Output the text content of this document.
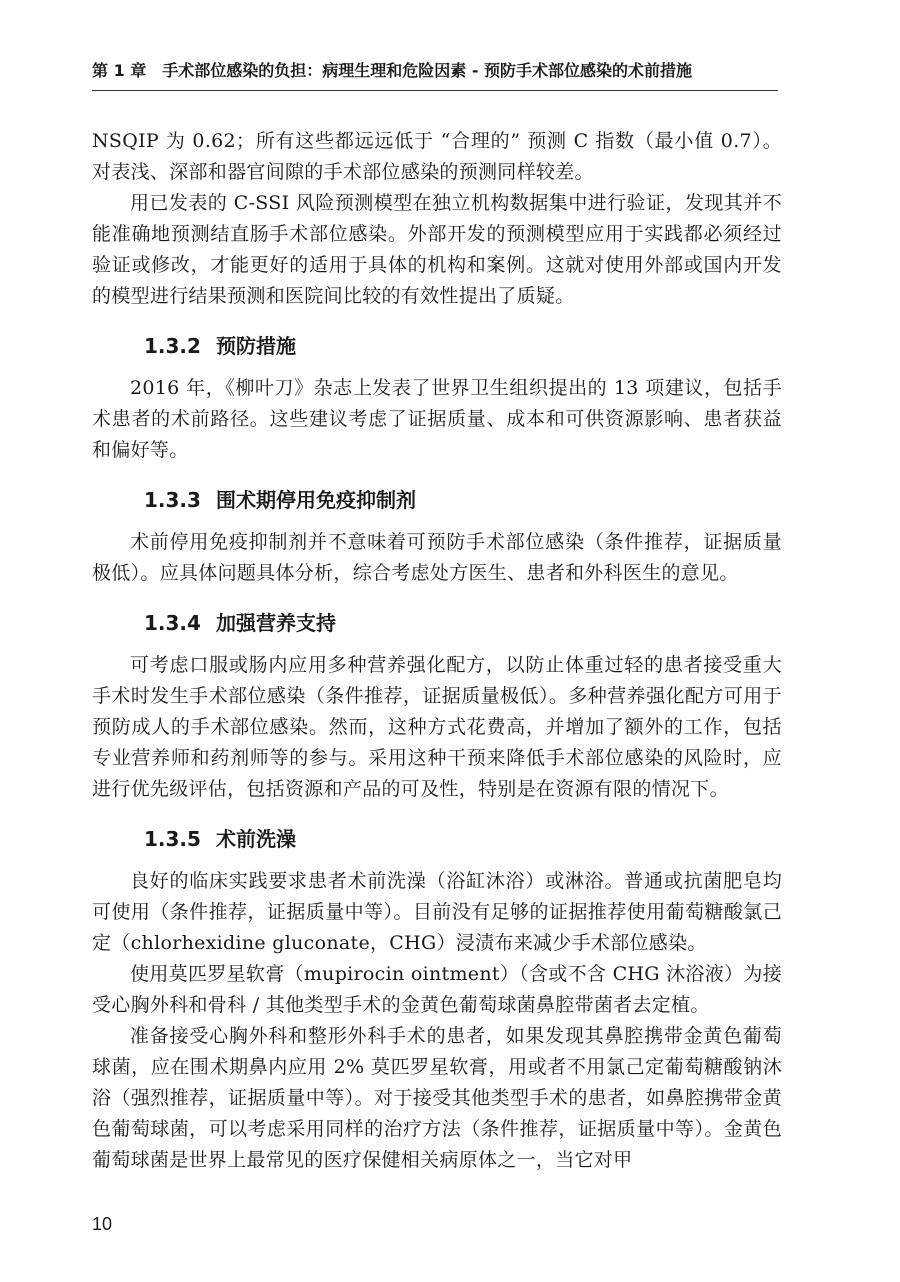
第 1 章　手术部位感染的负担：病理生理和危险因素 - 预防手术部位感染的术前措施

NSQIP 为 0.62；所有这些都远远低于 “合理的” 预测 C 指数（最小值 0.7）。对表浅、深部和器官间隙的手术部位感染的预测同样较差。

用已发表的 C-SSI 风险预测模型在独立机构数据集中进行验证，发现其并不能准确地预测结直肠手术部位感染。外部开发的预测模型应用于实践都必须经过验证或修改，才能更好的适用于具体的机构和案例。这就对使用外部或国内开发的模型进行结果预测和医院间比较的有效性提出了质疑。

1.3.2 预防措施

2016 年，《柳叶刀》杂志上发表了世界卫生组织提出的 13 项建议，包括手术患者的术前路径。这些建议考虑了证据质量、成本和可供资源影响、患者获益和偏好等。

1.3.3 围术期停用免疫抑制剂

术前停用免疫抑制剂并不意味着可预防手术部位感染（条件推荐，证据质量极低）。应具体问题具体分析，综合考虑处方医生、患者和外科医生的意见。

1.3.4 加强营养支持

可考虑口服或肠内应用多种营养强化配方，以防止体重过轻的患者接受重大手术时发生手术部位感染（条件推荐，证据质量极低）。多种营养强化配方可用于预防成人的手术部位感染。然而，这种方式花费高，并增加了额外的工作，包括专业营养师和药剂师等的参与。采用这种干预来降低手术部位感染的风险时，应进行优先级评估，包括资源和产品的可及性，特别是在资源有限的情况下。

1.3.5 术前洗澡

良好的临床实践要求患者术前洗澡（浴缸沐浴）或淋浴。普通或抗菌肥皂均可使用（条件推荐，证据质量中等）。目前没有足够的证据推荐使用葡萄糖酸氯己定（chlorhexidine gluconate，CHG）浸渍布来减少手术部位感染。

使用莫匹罗星软膏（mupirocin ointment）（含或不含 CHG 沐浴液）为接受心胸外科和骨科 / 其他类型手术的金黄色葡萄球菌鼻腔带菌者去定植。

准备接受心胸外科和整形外科手术的患者，如果发现其鼻腔携带金黄色葡萄球菌，应在围术期鼻内应用 2% 莫匹罗星软膏，用或者不用氯己定葡萄糖酸钠沐浴（强烈推荐，证据质量中等）。对于接受其他类型手术的患者，如鼻腔携带金黄色葡萄球菌，可以考虑采用同样的治疗方法（条件推荐，证据质量中等）。金黄色葡萄球菌是世界上最常见的医疗保健相关病原体之一，当它对甲

10
